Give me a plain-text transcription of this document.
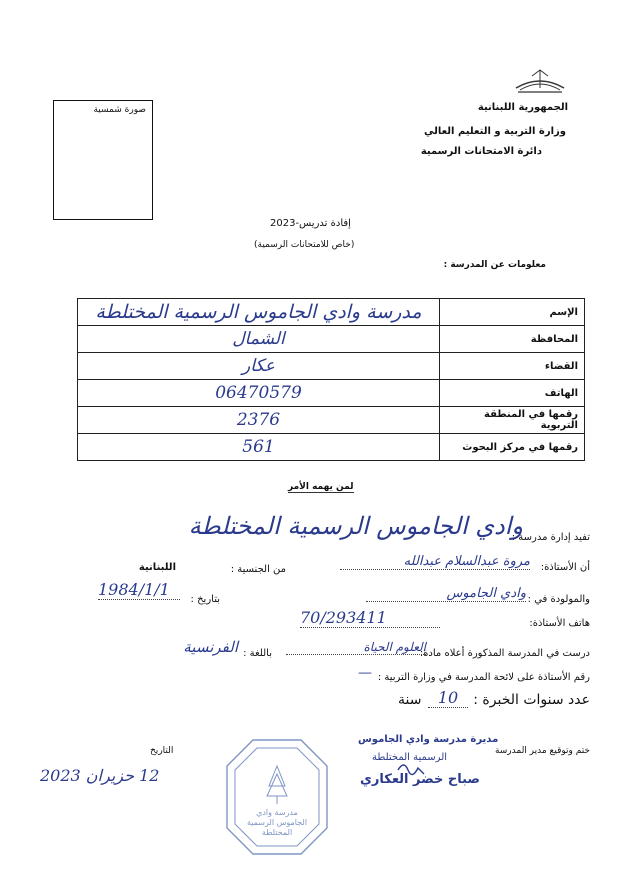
صورة شمسية	الجمهورية اللبنانية
وزارة التربية و التعليم العالي
دائرة الامتحانات الرسمية
إفادة تدريس-2023
(خاص للامتحانات الرسمية)
معلومات عن المدرسة :
مدرسة وادي الجاموس الرسمية المختلطة	الإسم
الشمال	المحافظة
عكار	القضاء
06470579	الهاتف
2376	رقمها في المنطقة التربوية
561	رقمها في مركز البحوث
لمن يهمه الأمر
تفيد إدارة مدرسة :
وادي الجاموس الرسمية المختلطة
أن الأستاذة:
مروة عبدالسلام عبدالله
من الجنسية :
اللبنانية
والمولودة في :
وادي الجاموس
بتاريخ :
1984/1/1
هاتف الأستاذة:
70/293411
درست في المدرسة المذكورة أعلاه مادة:
العلوم الحياة
باللغة :
الفرنسية
رقم الأستاذة على لائحة المدرسة في وزارة التربية :
—
عدد سنوات الخبرة :
10
سنة
ختم وتوقيع مدير المدرسة
التاريخ
12 حزيران 2023
مديرة مدرسة وادي الجاموس
الرسمية المختلطة
صباح خضر العكاري
مدرسة وادي الجاموس الرسمية المختلطة
